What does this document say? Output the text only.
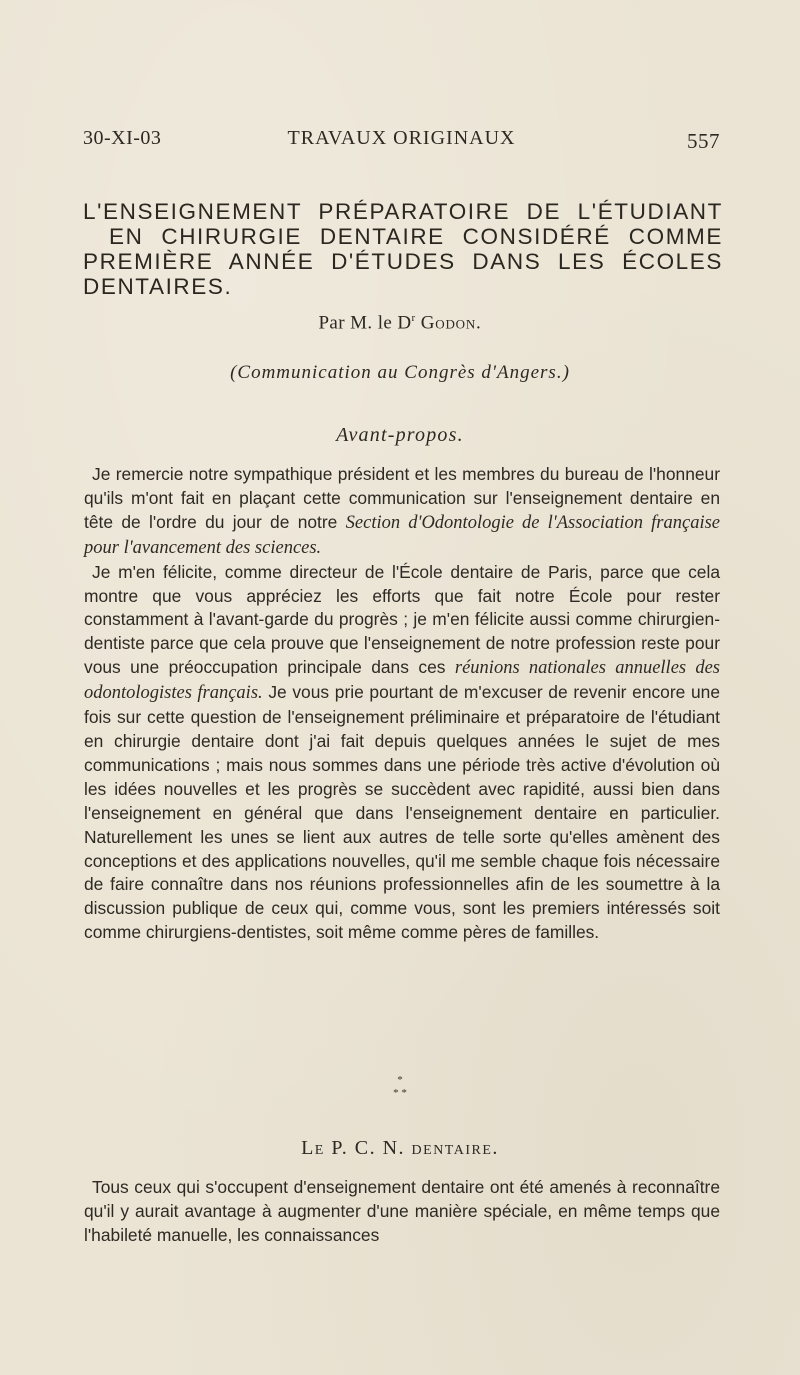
30-XI-03	TRAVAUX ORIGINAUX	557
L'ENSEIGNEMENT PRÉPARATOIRE DE L'ÉTUDIANT
EN CHIRURGIE DENTAIRE CONSIDÉRÉ COMME
PREMIÈRE ANNÉE D'ÉTUDES DANS LES ÉCOLES
DENTAIRES.
Par M. le $D^r$ Godon.
(Communication au Congrès d'Angers.)
Avant-propos.

Je remercie notre sympathique président et les membres du bureau de l'honneur qu'ils m'ont fait en plaçant cette communication sur l'enseignement dentaire en tête de l'ordre du jour de notre Section d'Odontologie de l'Association française pour l'avancement des sciences.

Je m'en félicite, comme directeur de l'École dentaire de Paris, parce que cela montre que vous appréciez les efforts que fait notre École pour rester constamment à l'avant-garde du progrès ; je m'en félicite aussi comme chirurgien-dentiste parce que cela prouve que l'enseignement de notre profession reste pour vous une préoccupation principale dans ces réunions nationales annuelles des odontologistes français. Je vous prie pourtant de m'excuser de revenir encore une fois sur cette question de l'enseignement préliminaire et préparatoire de l'étudiant en chirurgie dentaire dont j'ai fait depuis quelques années le sujet de mes communications ; mais nous sommes dans une période très active d'évolution où les idées nouvelles et les progrès se succèdent avec rapidité, aussi bien dans l'enseignement en général que dans l'enseignement dentaire en particulier. Naturellement les unes se lient aux autres de telle sorte qu'elles amènent des conceptions et des applications nouvelles, qu'il me semble chaque fois nécessaire de faire connaître dans nos réunions professionnelles afin de les soumettre à la discussion publique de ceux qui, comme vous, sont les premiers intéressés soit comme chirurgiens-dentistes, soit même comme pères de familles.

*
* *
Le P. C. N. dentaire.

Tous ceux qui s'occupent d'enseignement dentaire ont été amenés à reconnaître qu'il y aurait avantage à augmenter d'une manière spéciale, en même temps que l'habileté manuelle, les connaissances
